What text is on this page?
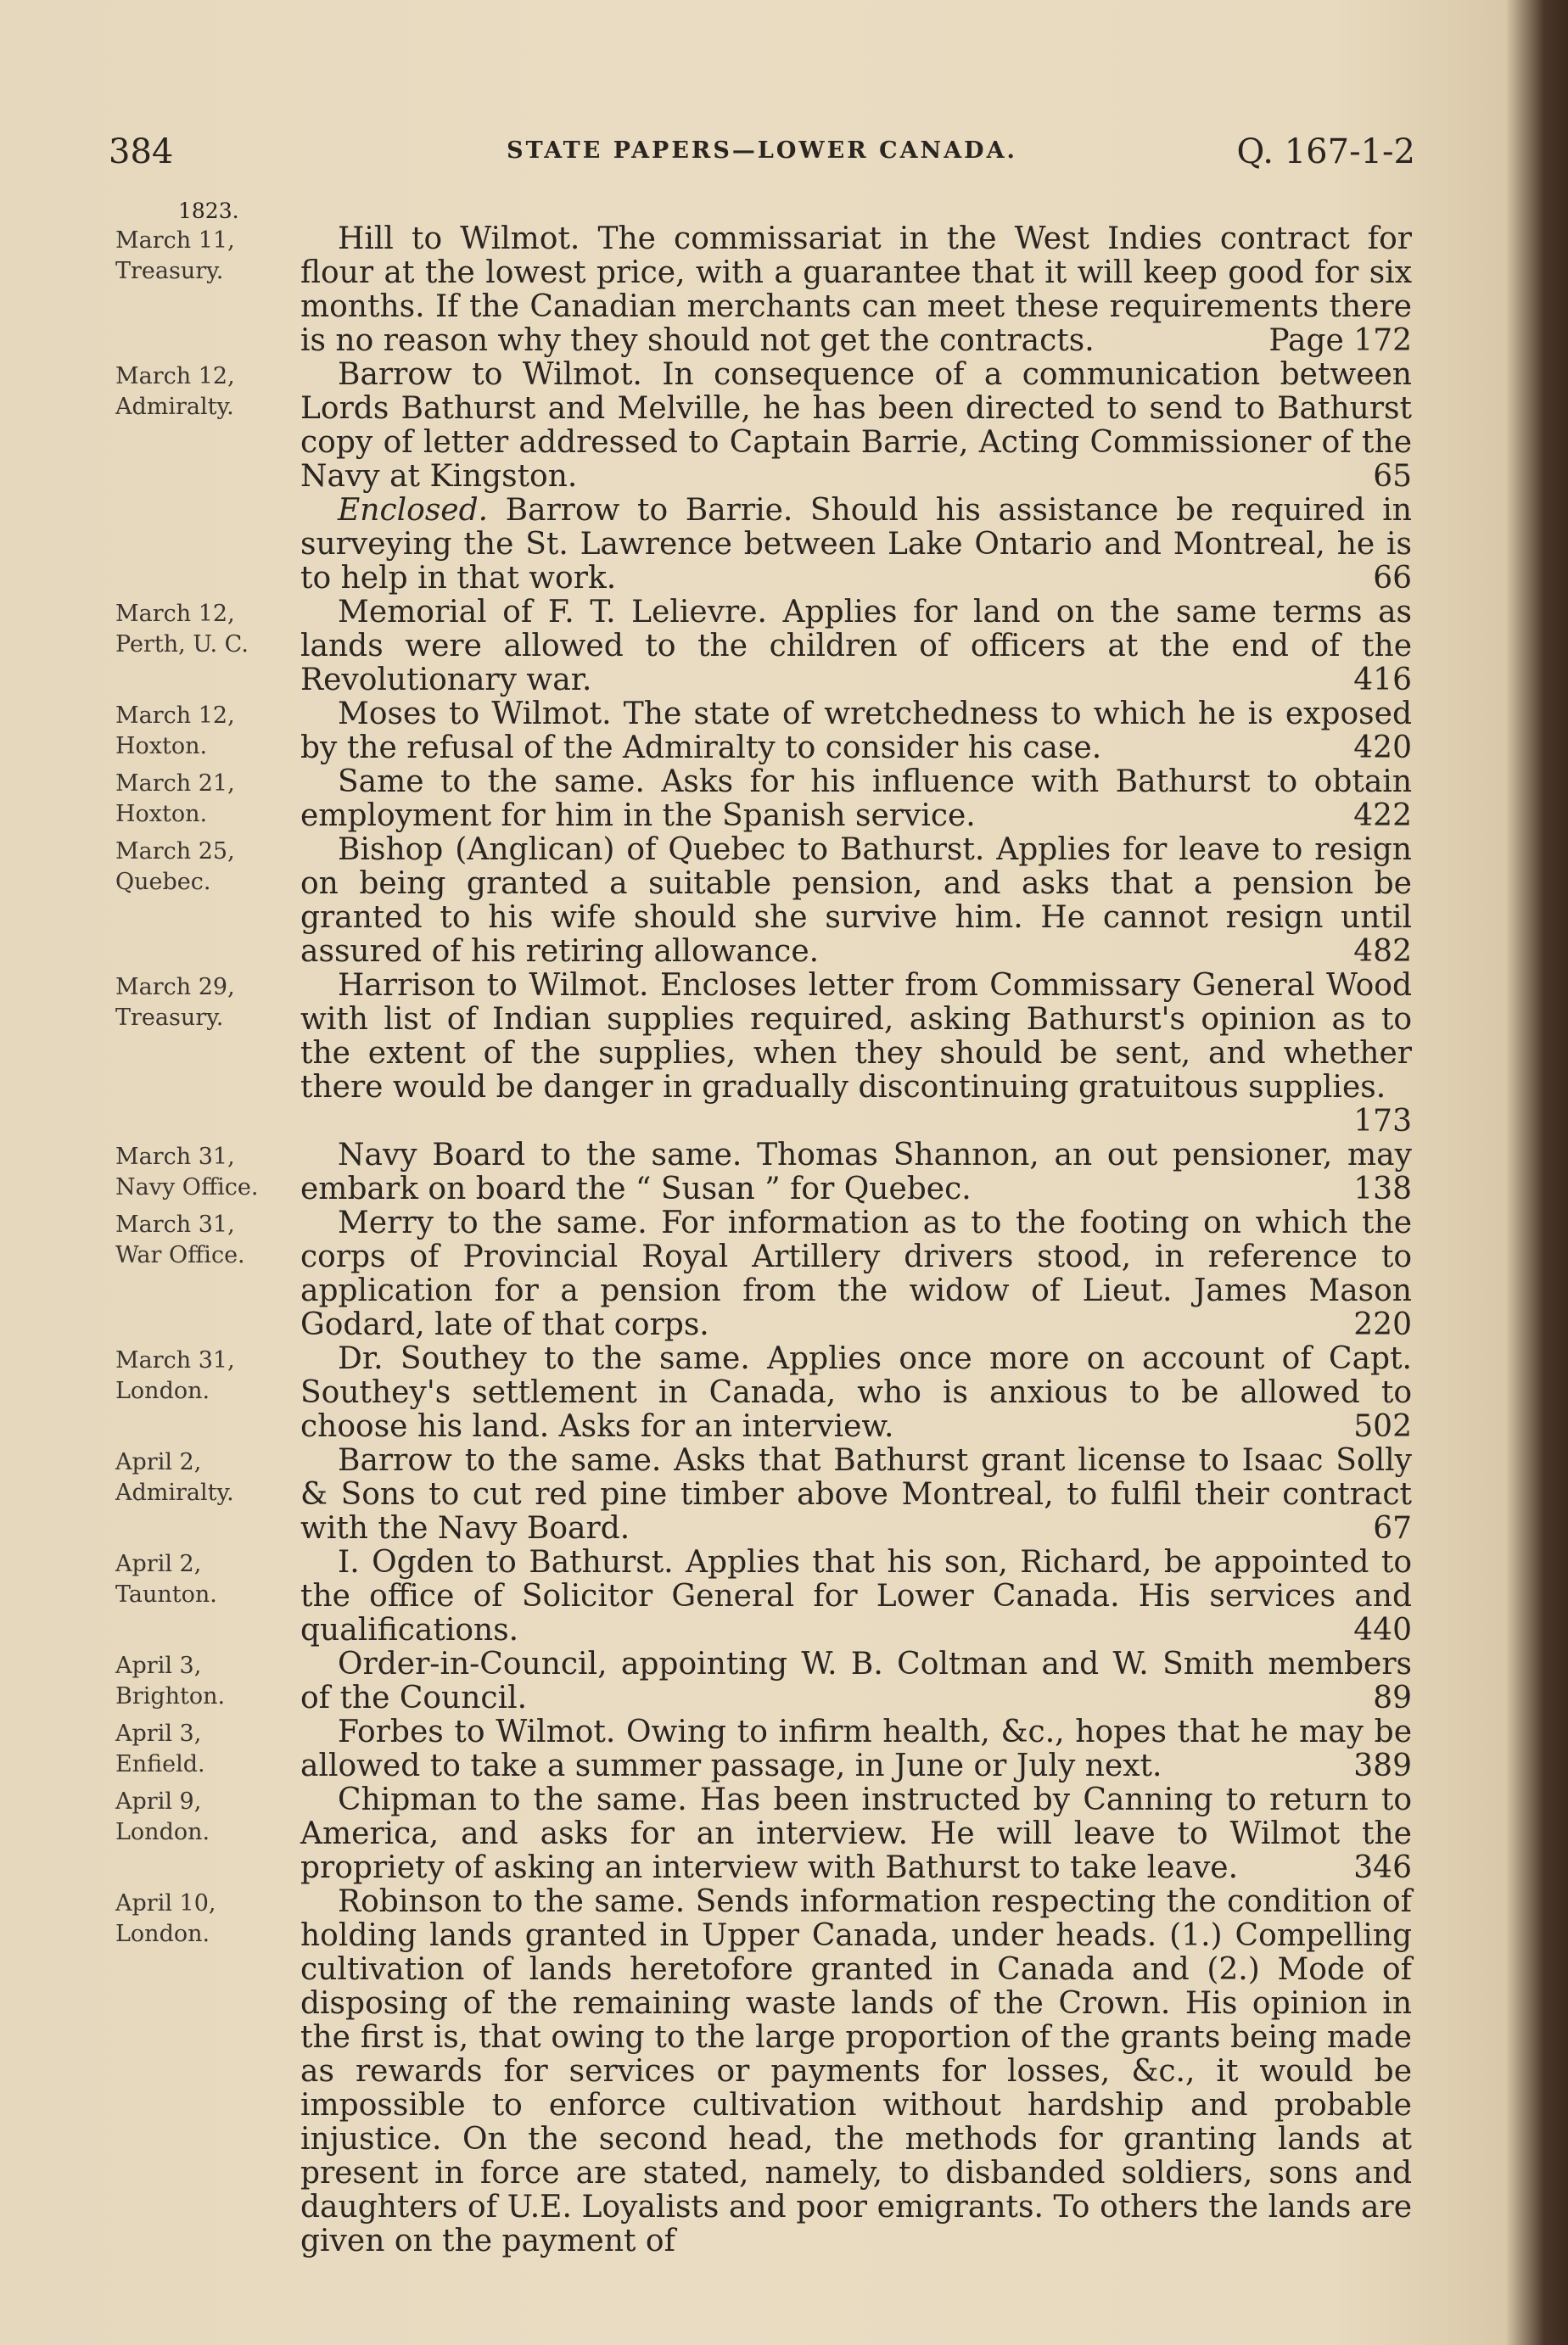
384	STATE PAPERS—LOWER CANADA.	Q. 167-1-2
1823.
March 11,
Treasury.

Hill to Wilmot. The commissariat in the West Indies contract for flour at the lowest price, with a guarantee that it will keep good for six months. If the Canadian merchants can meet these requirements there is no reason why they should not get the contracts.	Page 172

March 12,
Admiralty.

Barrow to Wilmot. In consequence of a communication between Lords Bathurst and Melville, he has been directed to send to Bathurst copy of letter addressed to Captain Barrie, Acting Commissioner of the Navy at Kingston.	65

Enclosed. Barrow to Barrie. Should his assistance be required in surveying the St. Lawrence between Lake Ontario and Montreal, he is to help in that work.	66

March 12,
Perth, U. C.

Memorial of F. T. Lelievre. Applies for land on the same terms as lands were allowed to the children of officers at the end of the Revolutionary war.	416

March 12,
Hoxton.

Moses to Wilmot. The state of wretchedness to which he is exposed by the refusal of the Admiralty to consider his case.	420

March 21,
Hoxton.

Same to the same. Asks for his influence with Bathurst to obtain employment for him in the Spanish service.	422

March 25,
Quebec.

Bishop (Anglican) of Quebec to Bathurst. Applies for leave to resign on being granted a suitable pension, and asks that a pension be granted to his wife should she survive him. He cannot resign until assured of his retiring allowance.	482

March 29,
Treasury.

Harrison to Wilmot. Encloses letter from Commissary General Wood with list of Indian supplies required, asking Bathurst's opinion as to the extent of the supplies, when they should be sent, and whether there would be danger in gradually discontinuing gratuitous supplies.
173

March 31,
Navy Office.

Navy Board to the same. Thomas Shannon, an out pensioner, may embark on board the “ Susan ” for Quebec.	138

March 31,
War Office.

Merry to the same. For information as to the footing on which the corps of Provincial Royal Artillery drivers stood, in reference to application for a pension from the widow of Lieut. James Mason Godard, late of that corps.	220

March 31,
London.

Dr. Southey to the same. Applies once more on account of Capt. Southey's settlement in Canada, who is anxious to be allowed to choose his land. Asks for an interview.	502

April 2,
Admiralty.

Barrow to the same. Asks that Bathurst grant license to Isaac Solly & Sons to cut red pine timber above Montreal, to fulfil their contract with the Navy Board.	67

April 2,
Taunton.

I. Ogden to Bathurst. Applies that his son, Richard, be appointed to the office of Solicitor General for Lower Canada. His services and qualifications.	440

April 3,
Brighton.

Order-in-Council, appointing W. B. Coltman and W. Smith members of the Council.	89

April 3,
Enfield.

Forbes to Wilmot. Owing to infirm health, &c., hopes that he may be allowed to take a summer passage, in June or July next.	389

April 9,
London.

Chipman to the same. Has been instructed by Canning to return to America, and asks for an interview. He will leave to Wilmot the propriety of asking an interview with Bathurst to take leave.	346

April 10,
London.

Robinson to the same. Sends information respecting the condition of holding lands granted in Upper Canada, under heads. (1.) Compelling cultivation of lands heretofore granted in Canada and (2.) Mode of disposing of the remaining waste lands of the Crown. His opinion in the first is, that owing to the large proportion of the grants being made as rewards for services or payments for losses, &c., it would be impossible to enforce cultivation without hardship and probable injustice. On the second head, the methods for granting lands at present in force are stated, namely, to disbanded soldiers, sons and daughters of U.E. Loyalists and poor emigrants. To others the lands are given on the payment of
